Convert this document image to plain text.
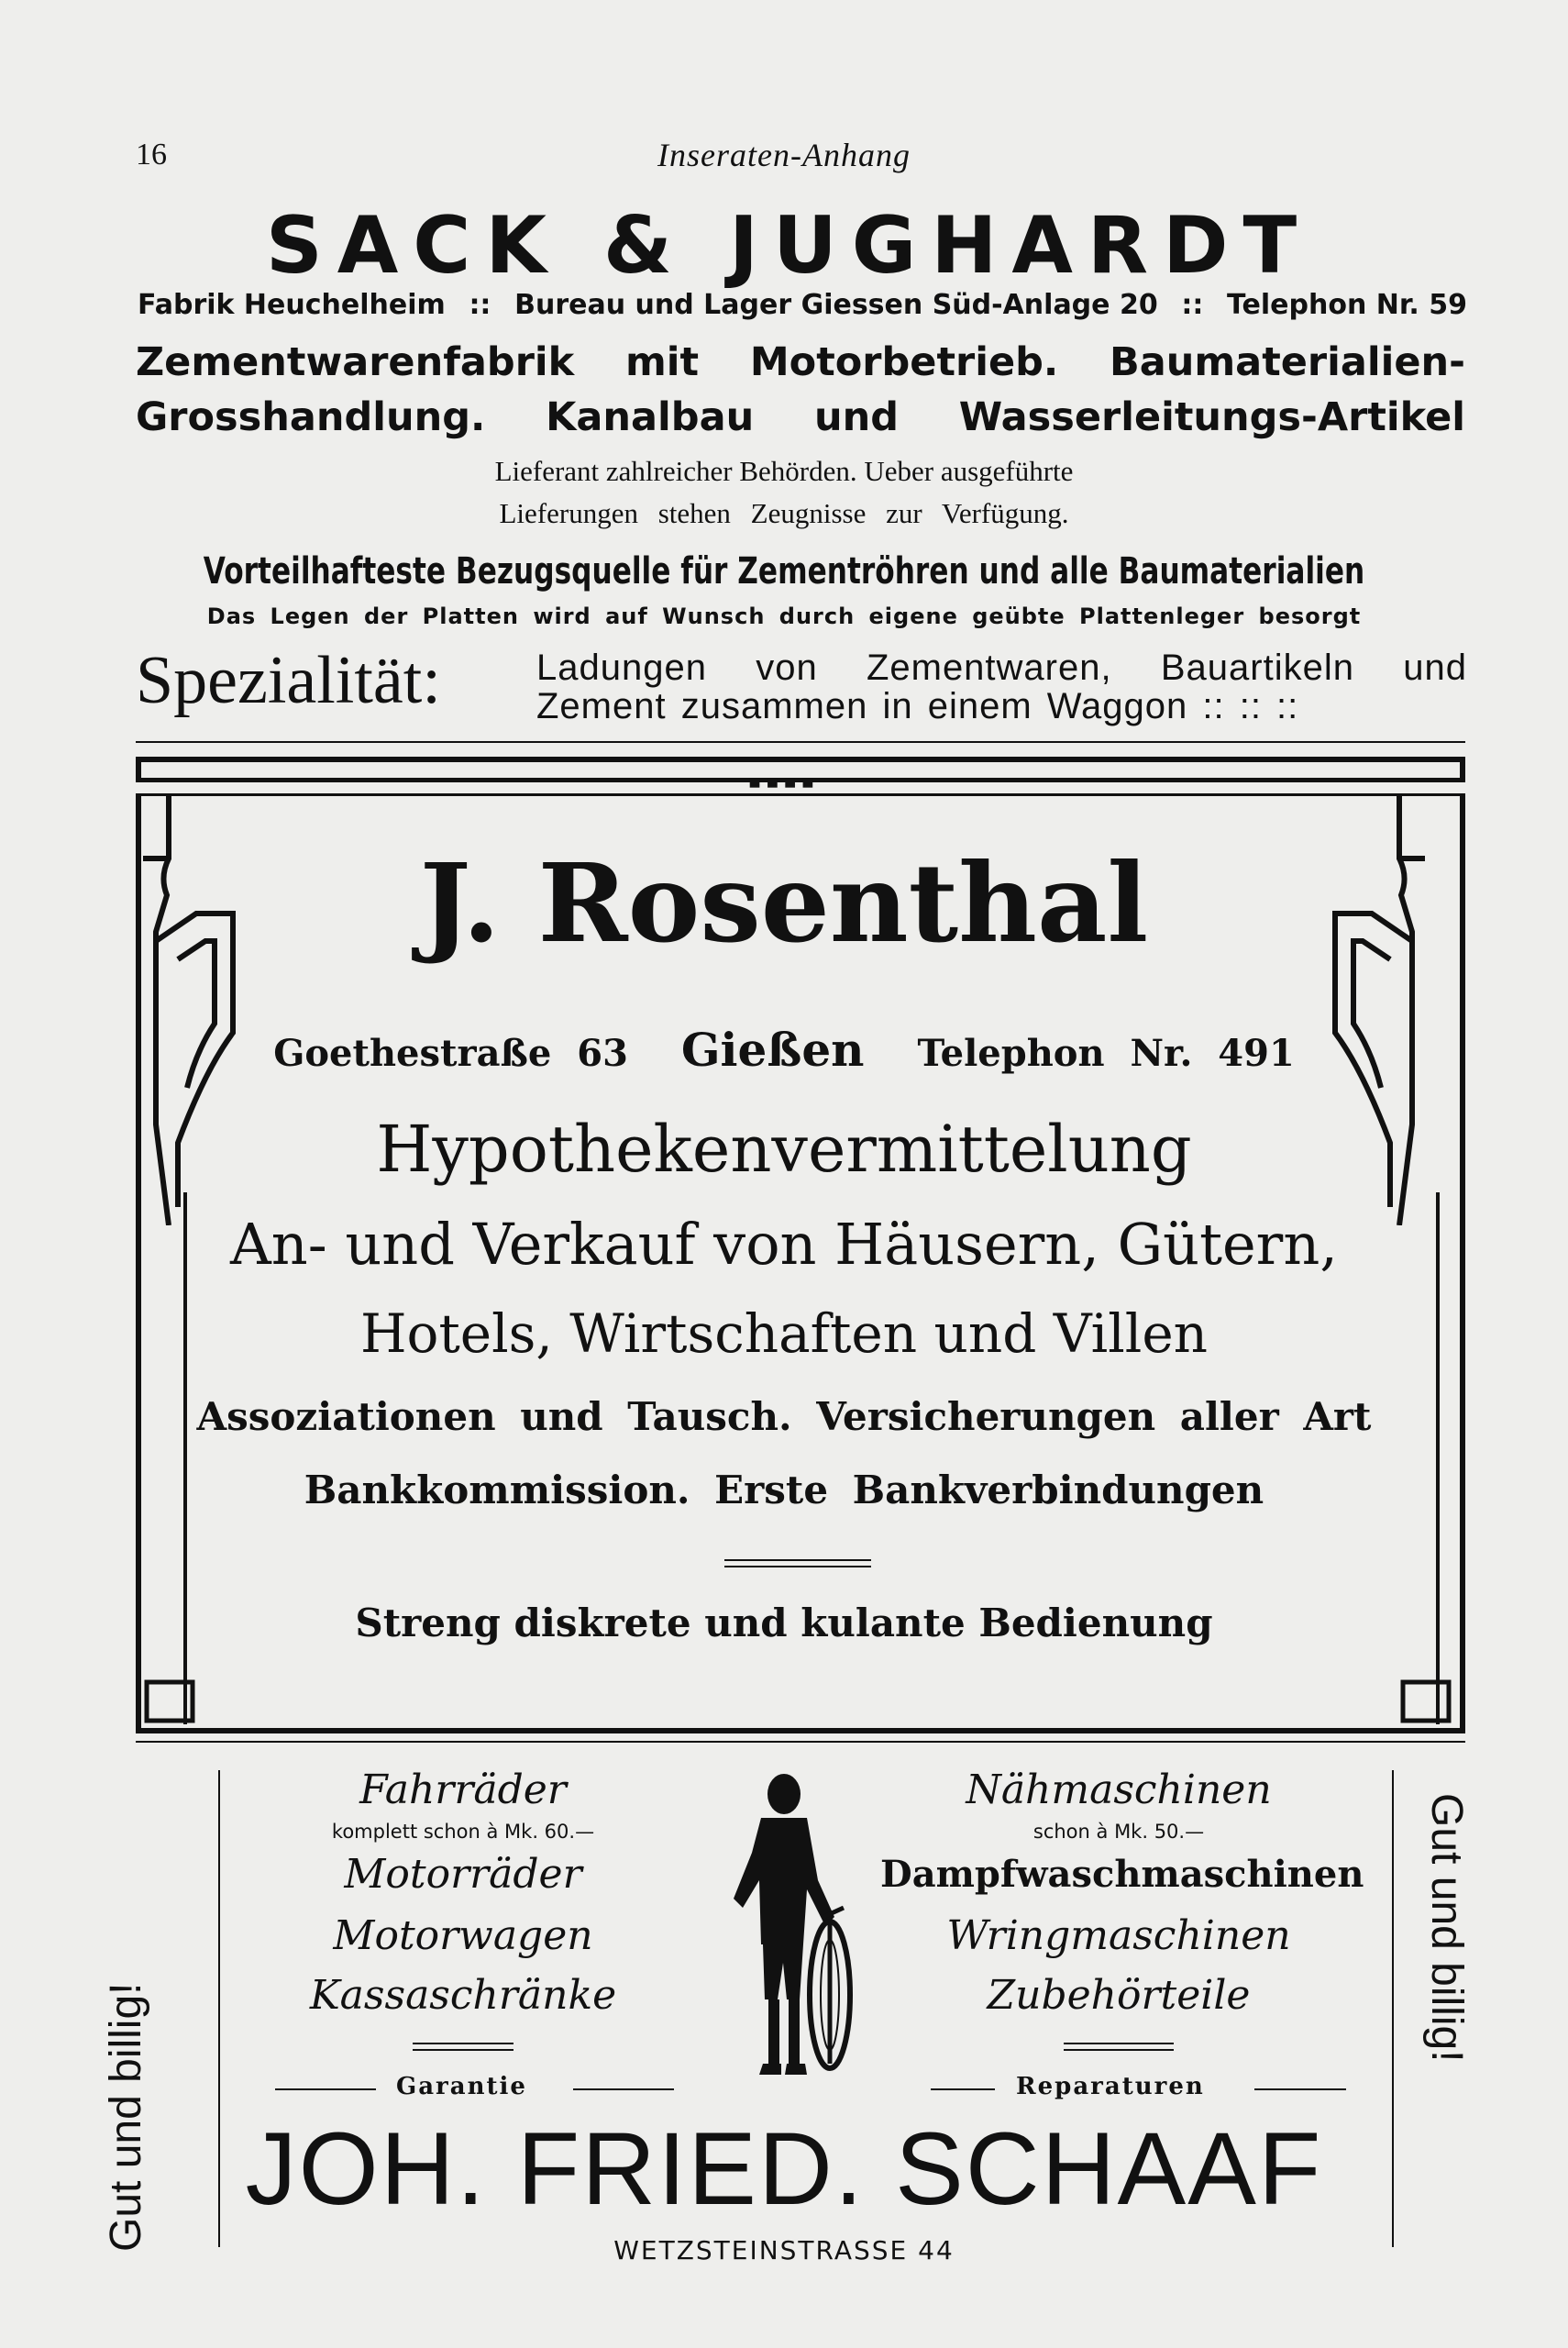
16	Inseraten-Anhang
SACK & JUGHARDT
Fabrik Heuchelheim :: Bureau und Lager Giessen Süd-Anlage 20 :: Telephon Nr. 59
Zementwarenfabrik mit Motorbetrieb. Baumaterialien-
Grosshandlung. Kanalbau und Wasserleitungs-Artikel
Lieferant zahlreicher Behörden. Ueber ausgeführte
Lieferungen stehen Zeugnisse zur Verfügung.
Vorteilhafteste Bezugsquelle für Zementröhren und alle Baumaterialien
Das Legen der Platten wird auf Wunsch durch eigene geübte Plattenleger besorgt
Spezialität:	Ladungen von Zementwaren, Bauartikeln und
Zement zusammen in einem Waggon :: :: ::
■■■■
J. Rosenthal
Goethestraße 63 Gießen Telephon Nr. 491
Hypothekenvermittelung
An- und Verkauf von Häusern, Gütern,
Hotels, Wirtschaften und Villen
Assoziationen und Tausch. Versicherungen aller Art
Bankkommission. Erste Bankverbindungen
Streng diskrete und kulante Bedienung
Gut und billig!
Gut und billig!
Fahrräder
komplett schon à Mk. 60.—
Motorräder
Motorwagen
Kassaschränke
Nähmaschinen
schon à Mk. 50.—
Dampfwaschmaschinen
Wringmaschinen
Zubehörteile
Garantie	Reparaturen
JOH. FRIED. SCHAAF
WETZSTEINSTRASSE 44
